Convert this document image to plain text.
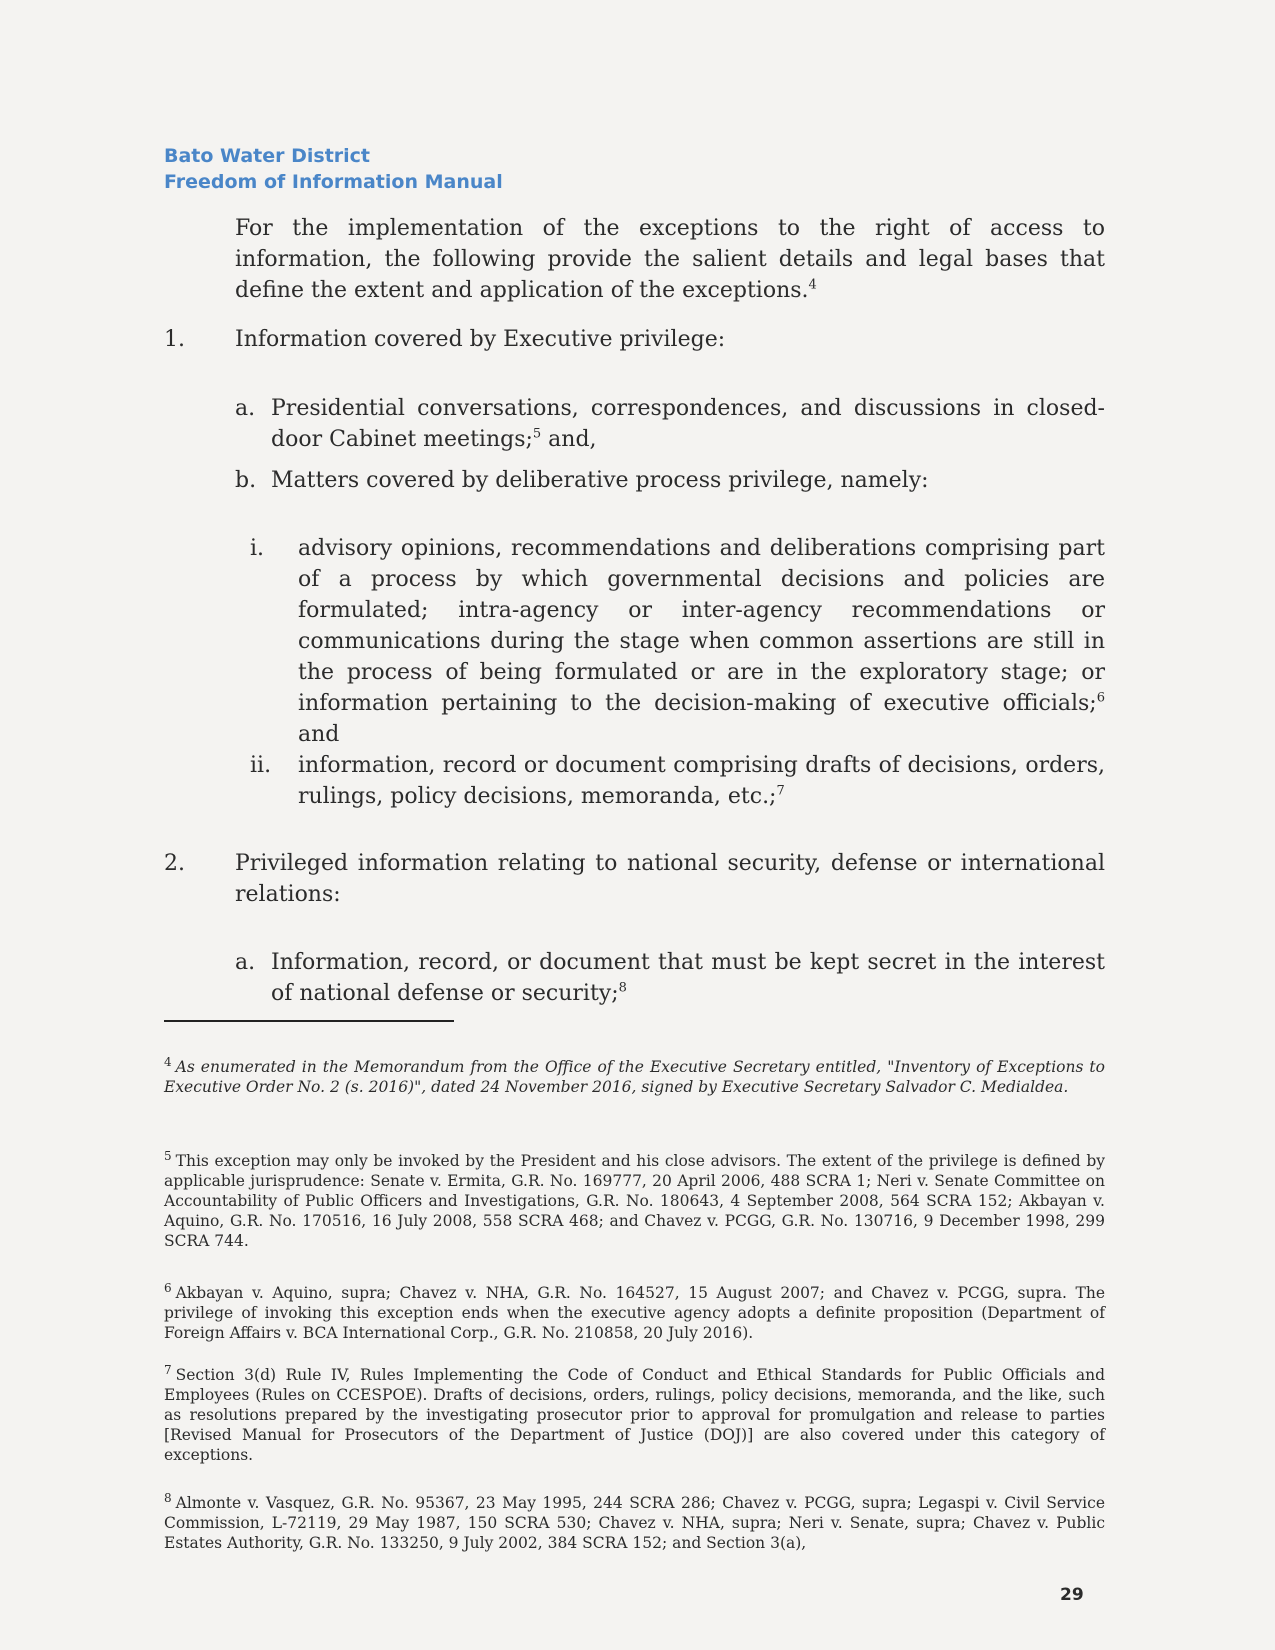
Bato Water District
Freedom of Information Manual
For the implementation of the exceptions to the right of access to information, the following provide the salient details and legal bases that define the extent and application of the exceptions.$^4$
1. Information covered by Executive privilege:
a. Presidential conversations, correspondences, and discussions in closed-door Cabinet meetings;$^5$ and,
b. Matters covered by deliberative process privilege, namely:
i. advisory opinions, recommendations and deliberations comprising part of a process by which governmental decisions and policies are formulated; intra-agency or inter-agency recommendations or communications during the stage when common assertions are still in the process of being formulated or are in the exploratory stage; or information pertaining to the decision-making of executive officials;$^6$ and
ii. information, record or document comprising drafts of decisions, orders, rulings, policy decisions, memoranda, etc.;$^7$
2. Privileged information relating to national security, defense or international relations:
a. Information, record, or document that must be kept secret in the interest of national defense or security;$^8$
$^4$ As enumerated in the Memorandum from the Office of the Executive Secretary entitled, "Inventory of Exceptions to Executive Order No. 2 (s. 2016)", dated 24 November 2016, signed by Executive Secretary Salvador C. Medialdea.
$^5$ This exception may only be invoked by the President and his close advisors. The extent of the privilege is defined by applicable jurisprudence: Senate v. Ermita, G.R. No. 169777, 20 April 2006, 488 SCRA 1; Neri v. Senate Committee on Accountability of Public Officers and Investigations, G.R. No. 180643, 4 September 2008, 564 SCRA 152; Akbayan v. Aquino, G.R. No. 170516, 16 July 2008, 558 SCRA 468; and Chavez v. PCGG, G.R. No. 130716, 9 December 1998, 299 SCRA 744.
$^6$ Akbayan v. Aquino, supra; Chavez v. NHA, G.R. No. 164527, 15 August 2007; and Chavez v. PCGG, supra. The privilege of invoking this exception ends when the executive agency adopts a definite proposition (Department of Foreign Affairs v. BCA International Corp., G.R. No. 210858, 20 July 2016).
$^7$ Section 3(d) Rule IV, Rules Implementing the Code of Conduct and Ethical Standards for Public Officials and Employees (Rules on CCESPOE). Drafts of decisions, orders, rulings, policy decisions, memoranda, and the like, such as resolutions prepared by the investigating prosecutor prior to approval for promulgation and release to parties [Revised Manual for Prosecutors of the Department of Justice (DOJ)] are also covered under this category of exceptions.
$^8$ Almonte v. Vasquez, G.R. No. 95367, 23 May 1995, 244 SCRA 286; Chavez v. PCGG, supra; Legaspi v. Civil Service Commission, L-72119, 29 May 1987, 150 SCRA 530; Chavez v. NHA, supra; Neri v. Senate, supra; Chavez v. Public Estates Authority, G.R. No. 133250, 9 July 2002, 384 SCRA 152; and Section 3(a),
29
